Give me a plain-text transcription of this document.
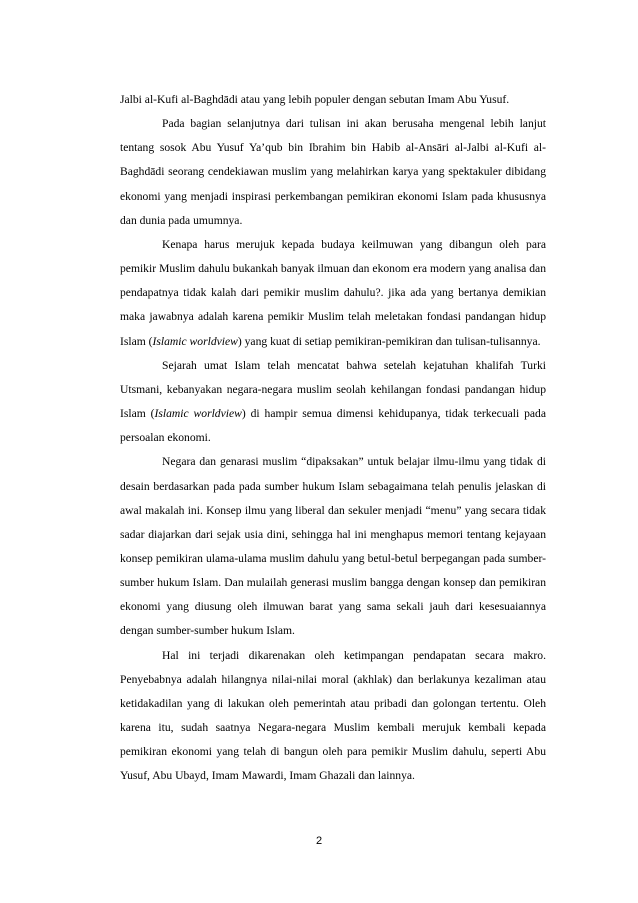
Jalbi al-Kufi al-Baghdādi atau yang lebih populer dengan sebutan Imam Abu Yusuf.

Pada bagian selanjutnya dari tulisan ini akan berusaha mengenal lebih lanjut tentang sosok Abu Yusuf Ya’qub bin Ibrahim bin Habib al-Ansāri al-Jalbi al-Kufi al-Baghdādi seorang cendekiawan muslim yang melahirkan karya yang spektakuler dibidang ekonomi yang menjadi inspirasi perkembangan pemikiran ekonomi Islam pada khususnya dan dunia pada umumnya.

Kenapa harus merujuk kepada budaya keilmuwan yang dibangun oleh para pemikir Muslim dahulu bukankah banyak ilmuan dan ekonom era modern yang analisa dan pendapatnya tidak kalah dari pemikir muslim dahulu?. jika ada yang bertanya demikian maka jawabnya adalah karena pemikir Muslim telah meletakan fondasi pandangan hidup Islam (Islamic worldview) yang kuat di setiap pemikiran-pemikiran dan tulisan-tulisannya.

Sejarah umat Islam telah mencatat bahwa setelah kejatuhan khalifah Turki Utsmani, kebanyakan negara-negara muslim seolah kehilangan fondasi pandangan hidup Islam (Islamic worldview) di hampir semua dimensi kehidupanya, tidak terkecuali pada persoalan ekonomi.

Negara dan genarasi muslim “dipaksakan” untuk belajar ilmu-ilmu yang tidak di desain berdasarkan pada pada sumber hukum Islam sebagaimana telah penulis jelaskan di awal makalah ini. Konsep ilmu yang liberal dan sekuler menjadi “menu” yang secara tidak sadar diajarkan dari sejak usia dini, sehingga hal ini menghapus memori tentang kejayaan konsep pemikiran ulama-ulama muslim dahulu yang betul-betul berpegangan pada sumber-sumber hukum Islam. Dan mulailah generasi muslim bangga dengan konsep dan pemikiran ekonomi yang diusung oleh ilmuwan barat yang sama sekali jauh dari kesesuaiannya dengan sumber-sumber hukum Islam.

Hal ini terjadi dikarenakan oleh ketimpangan pendapatan secara makro. Penyebabnya adalah hilangnya nilai-nilai moral (akhlak) dan berlakunya kezaliman atau ketidakadilan yang di lakukan oleh pemerintah atau pribadi dan golongan tertentu. Oleh karena itu, sudah saatnya Negara-negara Muslim kembali merujuk kembali kepada pemikiran ekonomi yang telah di bangun oleh para pemikir Muslim dahulu, seperti Abu Yusuf, Abu Ubayd, Imam Mawardi, Imam Ghazali dan lainnya.

2
